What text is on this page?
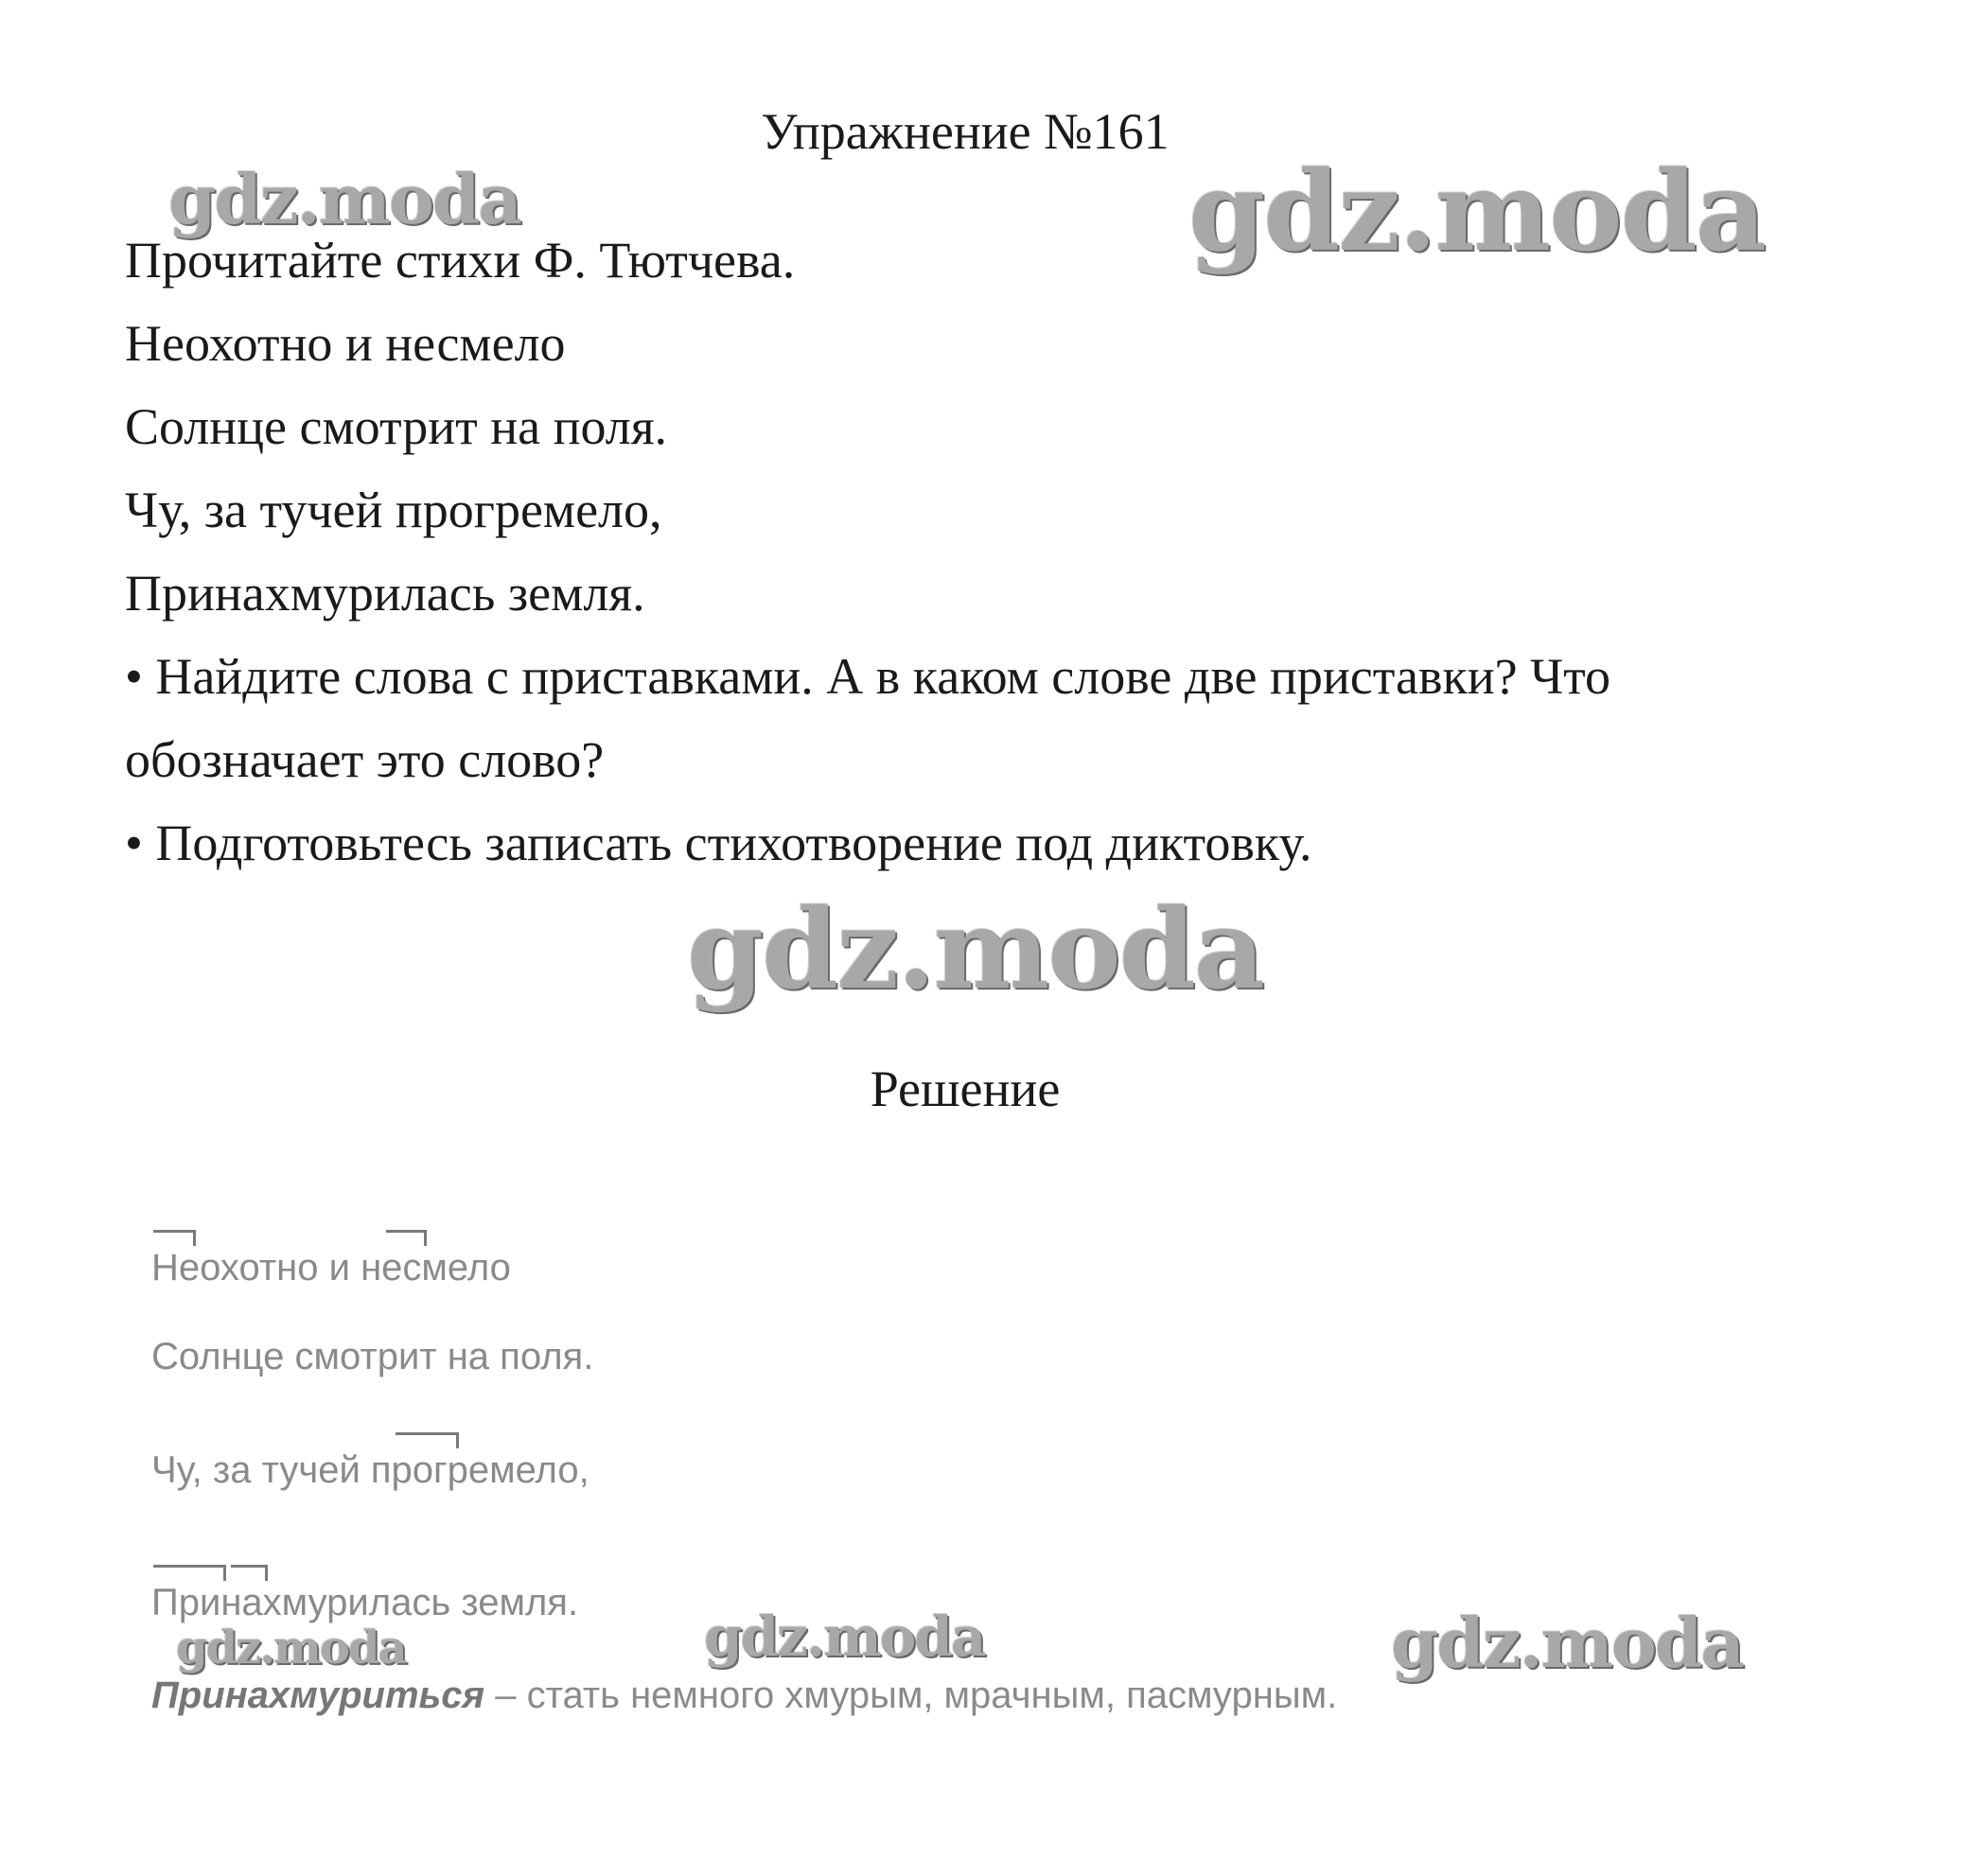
Упражнение №161
Прочитайте стихи Ф. Тютчева.
Неохотно и несмело
Солнце смотрит на поля.
Чу, за тучей прогремело,
Принахмурилась земля.
• Найдите слова с приставками. А в каком слове две приставки? Что
обозначает это слово?
• Подготовьтесь записать стихотворение под диктовку.
Решение
Неохотно и несмело
Солнце смотрит на поля.
Чу, за тучей прогремело,
Принахмурилась земля.
Принахмуриться – стать немного хмурым, мрачным, пасмурным.
gdz.moda	gdz.moda
gdz.moda
gdz.moda	gdz.moda	gdz.moda
